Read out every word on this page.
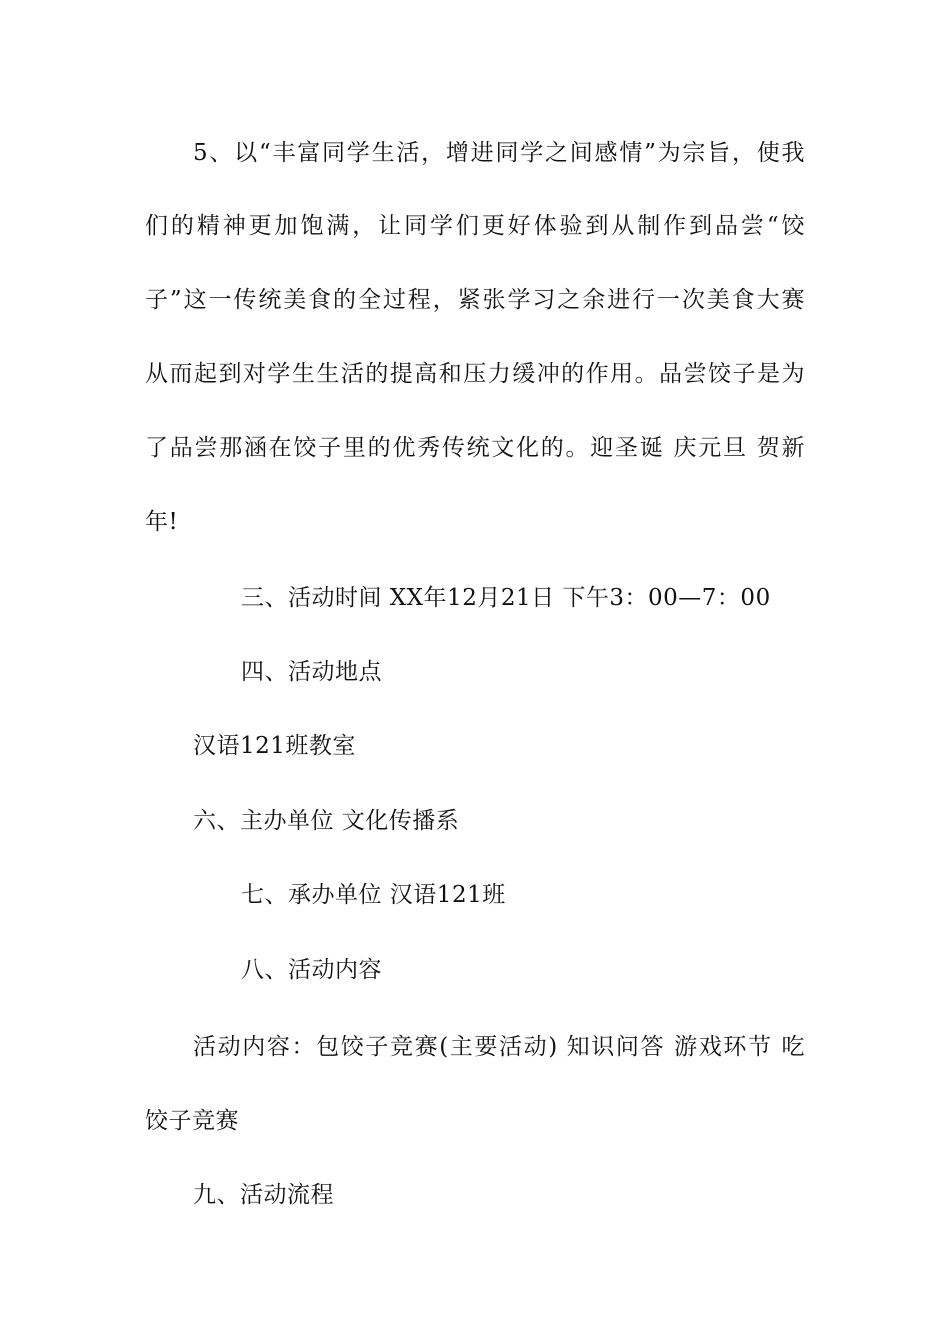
5、以“丰富同学生活，增进同学之间感情”为宗旨，使我
们的精神更加饱满，让同学们更好体验到从制作到品尝“饺
子”这一传统美食的全过程，紧张学习之余进行一次美食大赛
从而起到对学生生活的提高和压力缓冲的作用。品尝饺子是为
了品尝那涵在饺子里的优秀传统文化的。迎圣诞 庆元旦 贺新
年!
三、活动时间 XX年12月21日 下午3：00—7：00
四、活动地点
汉语121班教室
六、主办单位 文化传播系
七、承办单位 汉语121班
八、活动内容
活动内容：包饺子竞赛(主要活动) 知识问答 游戏环节 吃
饺子竞赛
九、活动流程
